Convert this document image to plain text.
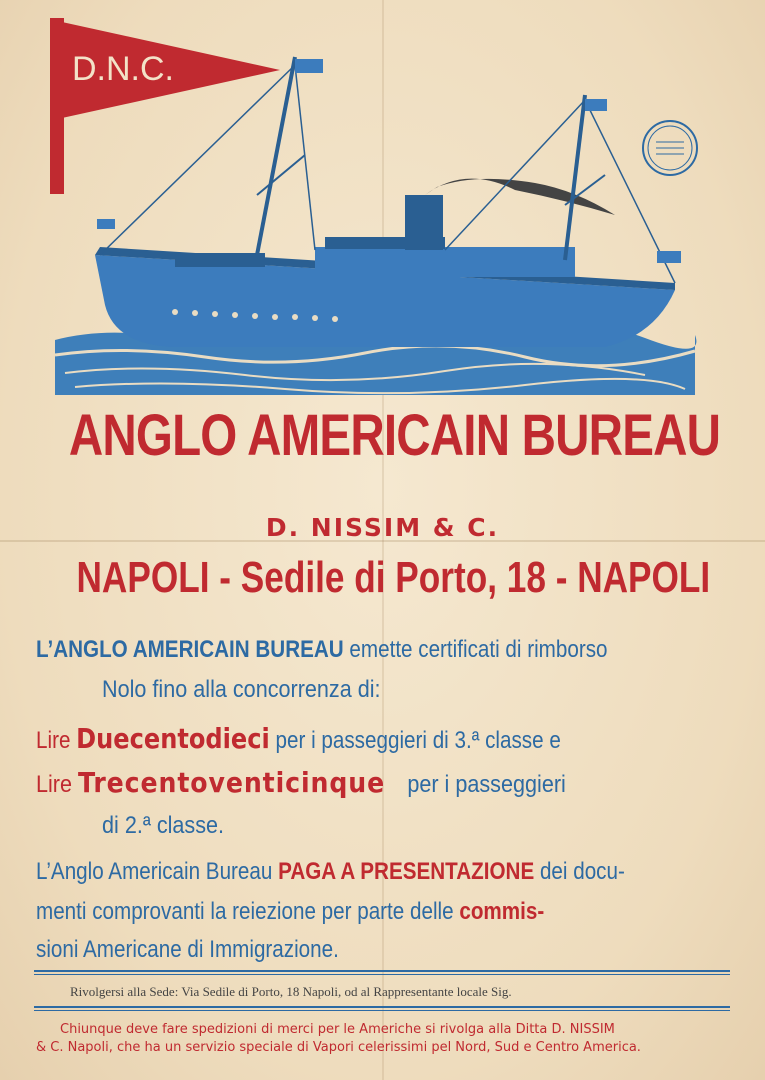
D.N.C.
ANGLO AMERICAIN BUREAU
D. NISSIM & C.
NAPOLI - Sedile di Porto, 18 - NAPOLI
L’ANGLO AMERICAIN BUREAU emette certificati di rimborso
Nolo fino alla concorrenza di:
Lire Duecentodieci per i passeggieri di 3.ª classe e
Lire Trecentoventicinque per i passeggieri
di 2.ª classe.
L’Anglo Americain Bureau PAGA A PRESENTAZIONE dei docu-
menti comprovanti la reiezione per parte delle commis-
sioni Americane di Immigrazione.
Rivolgersi alla Sede: Via Sedile di Porto, 18 Napoli, od al Rappresentante locale Sig.
Chiunque deve fare spedizioni di merci per le Americhe si rivolga alla Ditta D. NISSIM
& C. Napoli, che ha un servizio speciale di Vapori celerissimi pel Nord, Sud e Centro America.
